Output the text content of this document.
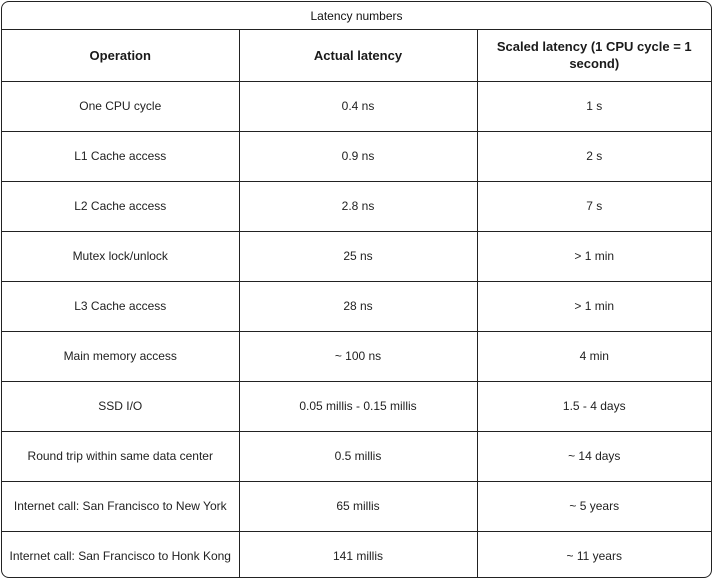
Latency numbers
Operation	Actual latency	Scaled latency (1 CPU cycle = 1 second)
One CPU cycle	0.4 ns	1 s
L1 Cache access	0.9 ns	2 s
L2 Cache access	2.8 ns	7 s
Mutex lock/unlock	25 ns	> 1 min
L3 Cache access	28 ns	> 1 min
Main memory access	~ 100 ns	4 min
SSD I/O	0.05 millis - 0.15 millis	1.5 - 4 days
Round trip within same data center	0.5 millis	~ 14 days
Internet call: San Francisco to New York	65 millis	~ 5 years
Internet call: San Francisco to Honk Kong	141 millis	~ 11 years
